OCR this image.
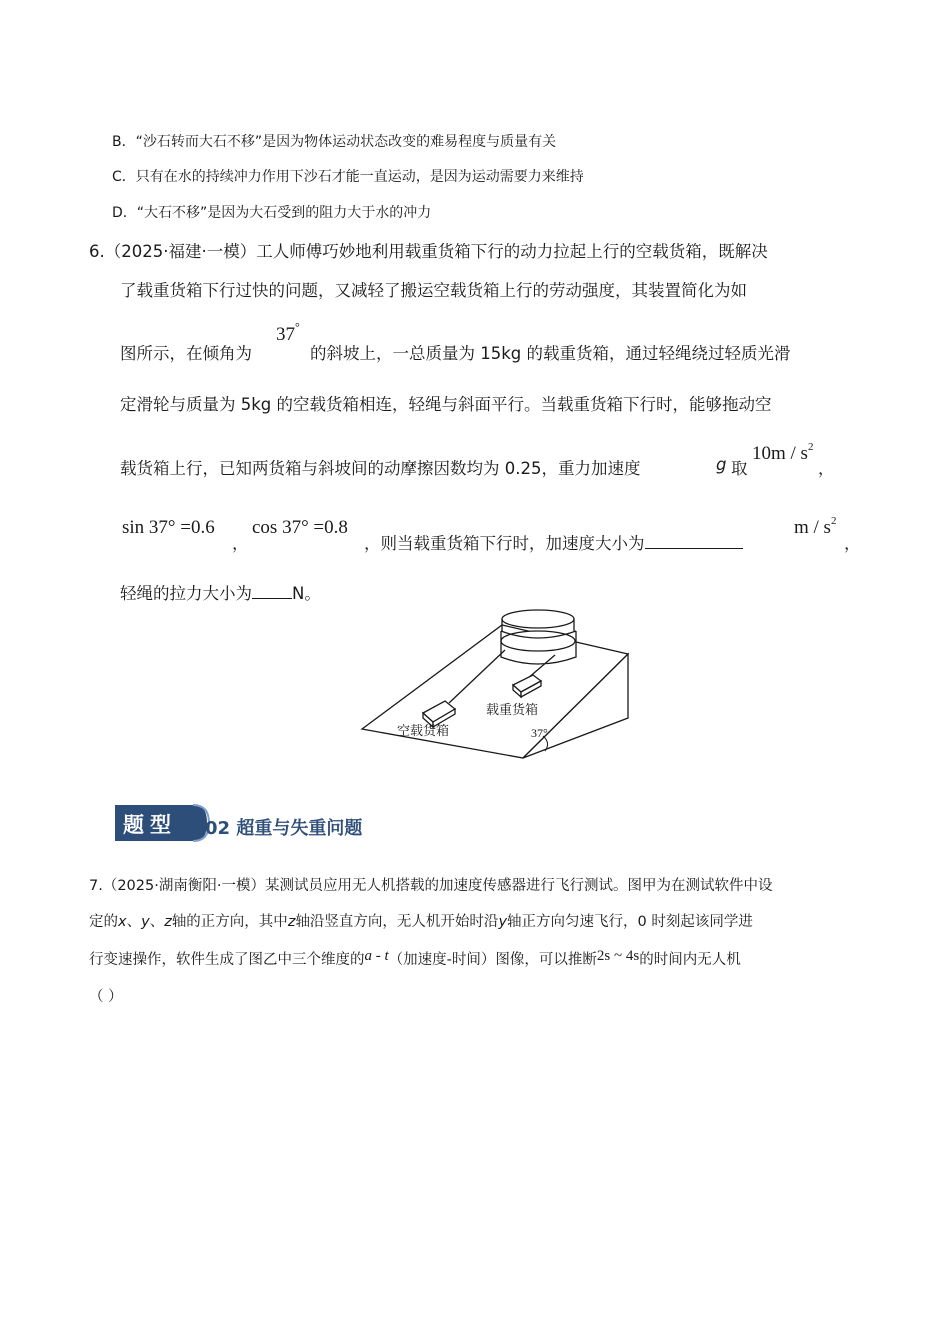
B．“沙石转而大石不移”是因为物体运动状态改变的难易程度与质量有关
C．只有在水的持续冲力作用下沙石才能一直运动，是因为运动需要力来维持
D．“大石不移”是因为大石受到的阻力大于水的冲力
6.（2025·福建·一模）工人师傅巧妙地利用载重货箱下行的动力拉起上行的空载货箱，既解决
了载重货箱下行过快的问题，又减轻了搬运空载货箱上行的劳动强度，其装置简化为如
图所示，在倾角为
37°
的斜坡上，一总质量为 15kg 的载重货箱，通过轻绳绕过轻质光滑
定滑轮与质量为 5kg 的空载货箱相连，轻绳与斜面平行。当载重货箱下行时，能够拖动空
载货箱上行，已知两货箱与斜坡间的动摩擦因数均为 0.25，重力加速度	g 取
$10m / s^2$
，
sin 37° =0.6
，
cos 37° =0.8
，则当载重货箱下行时，加速度大小为
m / $s^2$
，
轻绳的拉力大小为 N。
空载货箱
载重货箱
37°
题型 02 超重与失重问题
7.（2025·湖南衡阳·一模）某测试员应用无人机搭载的加速度传感器进行飞行测试。图甲为在测试软件中设
定的x、y、z轴的正方向，其中z轴沿竖直方向，无人机开始时沿y轴正方向匀速飞行，0 时刻起该同学进
行变速操作，软件生成了图乙中三个维度的a - t（加速度-时间）图像，可以推断2s ~ 4s的时间内无人机
（ ）
